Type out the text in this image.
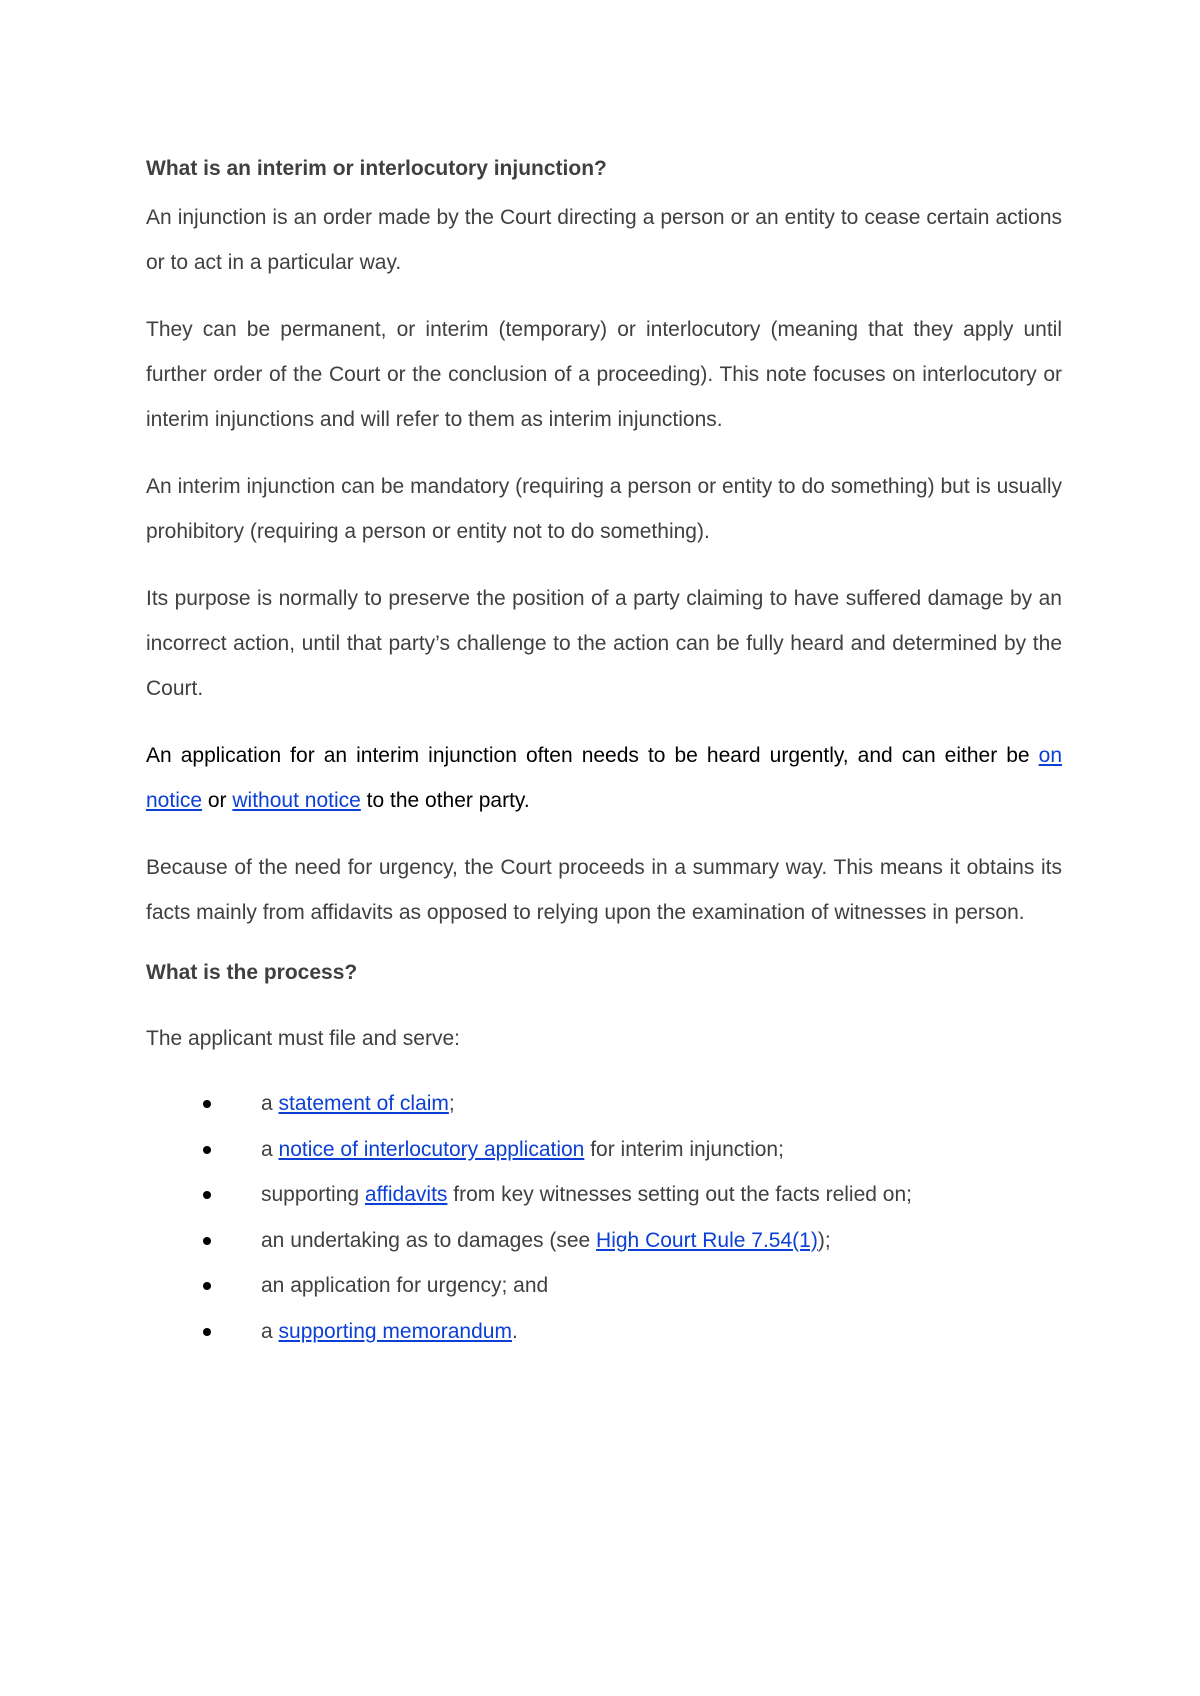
What is an interim or interlocutory injunction?

An injunction is an order made by the Court directing a person or an entity to cease certain actions or to act in a particular way.

They can be permanent, or interim (temporary) or interlocutory (meaning that they apply until further order of the Court or the conclusion of a proceeding). This note focuses on interlocutory or interim injunctions and will refer to them as interim injunctions.

An interim injunction can be mandatory (requiring a person or entity to do something) but is usually prohibitory (requiring a person or entity not to do something).

Its purpose is normally to preserve the position of a party claiming to have suffered damage by an incorrect action, until that party’s challenge to the action can be fully heard and determined by the Court.

An application for an interim injunction often needs to be heard urgently, and can either be on notice or without notice to the other party.

Because of the need for urgency, the Court proceeds in a summary way. This means it obtains its facts mainly from affidavits as opposed to relying upon the examination of witnesses in person.

What is the process?

The applicant must file and serve:

a statement of claim;
a notice of interlocutory application for interim injunction;
supporting affidavits from key witnesses setting out the facts relied on;
an undertaking as to damages (see High Court Rule 7.54(1));
an application for urgency; and
a supporting memorandum.
